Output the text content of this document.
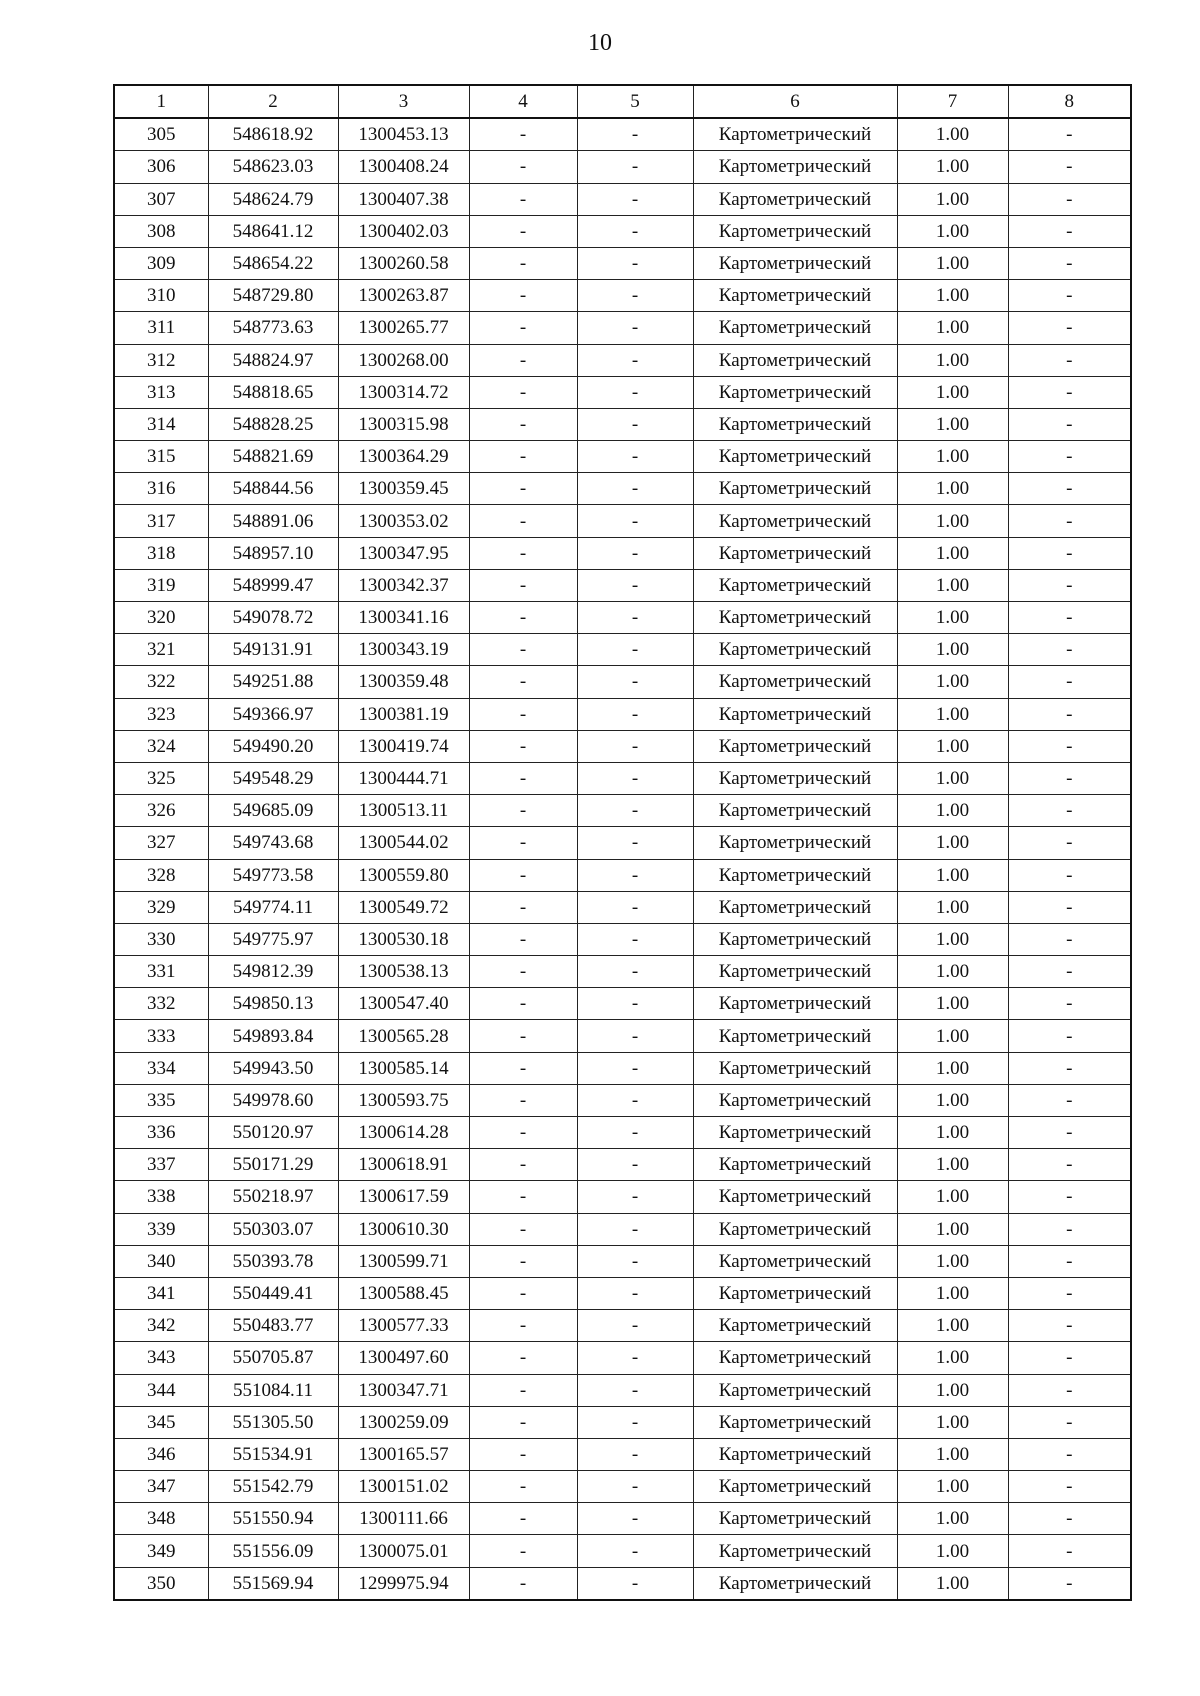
10
1	2	3	4	5	6	7	8
305	548618.92	1300453.13	-	-	Картометрический	1.00	-
306	548623.03	1300408.24	-	-	Картометрический	1.00	-
307	548624.79	1300407.38	-	-	Картометрический	1.00	-
308	548641.12	1300402.03	-	-	Картометрический	1.00	-
309	548654.22	1300260.58	-	-	Картометрический	1.00	-
310	548729.80	1300263.87	-	-	Картометрический	1.00	-
311	548773.63	1300265.77	-	-	Картометрический	1.00	-
312	548824.97	1300268.00	-	-	Картометрический	1.00	-
313	548818.65	1300314.72	-	-	Картометрический	1.00	-
314	548828.25	1300315.98	-	-	Картометрический	1.00	-
315	548821.69	1300364.29	-	-	Картометрический	1.00	-
316	548844.56	1300359.45	-	-	Картометрический	1.00	-
317	548891.06	1300353.02	-	-	Картометрический	1.00	-
318	548957.10	1300347.95	-	-	Картометрический	1.00	-
319	548999.47	1300342.37	-	-	Картометрический	1.00	-
320	549078.72	1300341.16	-	-	Картометрический	1.00	-
321	549131.91	1300343.19	-	-	Картометрический	1.00	-
322	549251.88	1300359.48	-	-	Картометрический	1.00	-
323	549366.97	1300381.19	-	-	Картометрический	1.00	-
324	549490.20	1300419.74	-	-	Картометрический	1.00	-
325	549548.29	1300444.71	-	-	Картометрический	1.00	-
326	549685.09	1300513.11	-	-	Картометрический	1.00	-
327	549743.68	1300544.02	-	-	Картометрический	1.00	-
328	549773.58	1300559.80	-	-	Картометрический	1.00	-
329	549774.11	1300549.72	-	-	Картометрический	1.00	-
330	549775.97	1300530.18	-	-	Картометрический	1.00	-
331	549812.39	1300538.13	-	-	Картометрический	1.00	-
332	549850.13	1300547.40	-	-	Картометрический	1.00	-
333	549893.84	1300565.28	-	-	Картометрический	1.00	-
334	549943.50	1300585.14	-	-	Картометрический	1.00	-
335	549978.60	1300593.75	-	-	Картометрический	1.00	-
336	550120.97	1300614.28	-	-	Картометрический	1.00	-
337	550171.29	1300618.91	-	-	Картометрический	1.00	-
338	550218.97	1300617.59	-	-	Картометрический	1.00	-
339	550303.07	1300610.30	-	-	Картометрический	1.00	-
340	550393.78	1300599.71	-	-	Картометрический	1.00	-
341	550449.41	1300588.45	-	-	Картометрический	1.00	-
342	550483.77	1300577.33	-	-	Картометрический	1.00	-
343	550705.87	1300497.60	-	-	Картометрический	1.00	-
344	551084.11	1300347.71	-	-	Картометрический	1.00	-
345	551305.50	1300259.09	-	-	Картометрический	1.00	-
346	551534.91	1300165.57	-	-	Картометрический	1.00	-
347	551542.79	1300151.02	-	-	Картометрический	1.00	-
348	551550.94	1300111.66	-	-	Картометрический	1.00	-
349	551556.09	1300075.01	-	-	Картометрический	1.00	-
350	551569.94	1299975.94	-	-	Картометрический	1.00	-
